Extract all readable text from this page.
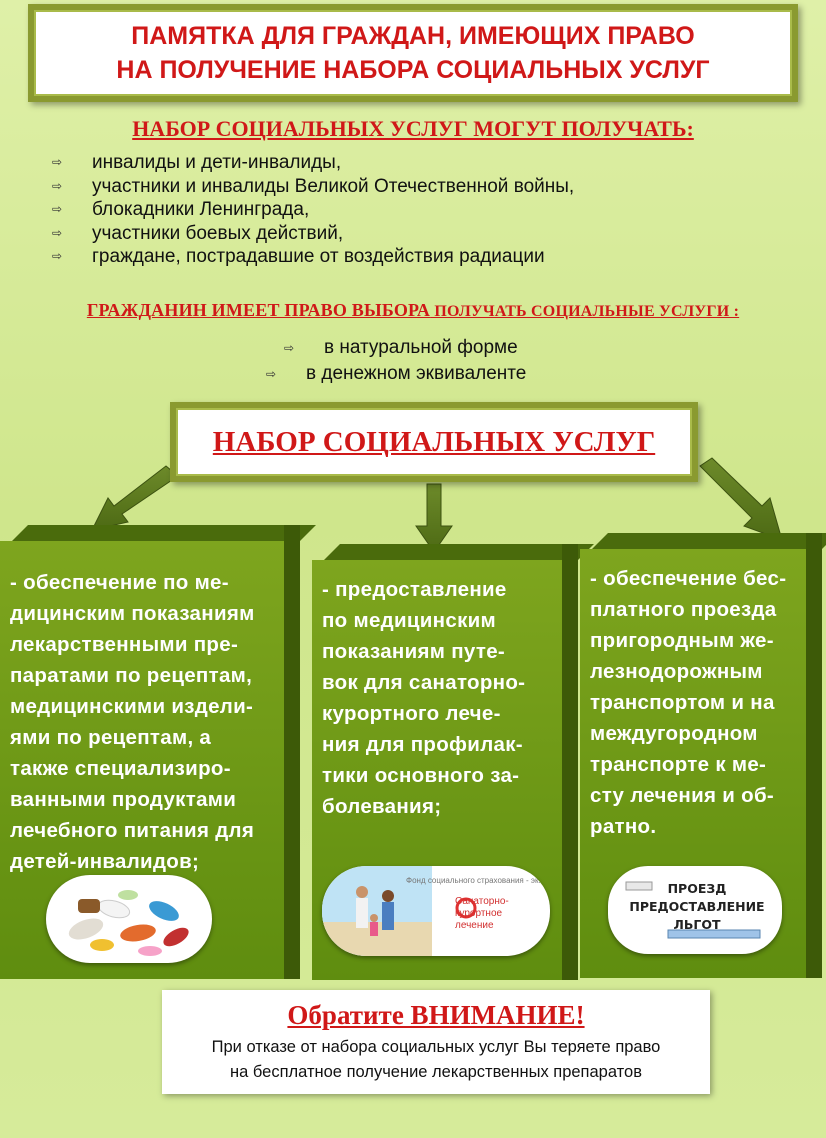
ПАМЯТКА ДЛЯ ГРАЖДАН, ИМЕЮЩИХ ПРАВО
НА ПОЛУЧЕНИЕ НАБОРА СОЦИАЛЬНЫХ УСЛУГ
НАБОР СОЦИАЛЬНЫХ УСЛУГ МОГУТ ПОЛУЧАТЬ:
⇨	инвалиды и дети-инвалиды,
⇨	участники и инвалиды Великой Отечественной войны,
⇨	блокадники Ленинграда,
⇨	участники боевых действий,
⇨	граждане, пострадавшие от воздействия радиации
ГРАЖДАНИН ИМЕЕТ ПРАВО ВЫБОРА ПОЛУЧАТЬ СОЦИАЛЬНЫЕ УСЛУГИ :
⇨	в натуральной форме
⇨	в денежном эквиваленте
НАБОР СОЦИАЛЬНЫХ УСЛУГ
- обеспечение по ме-
дицинским показаниям
лекарственными пре-
паратами по рецептам,
медицинскими издели-
ями по рецептам, а
также специализиро-
ванными продуктами
лечебного питания для
детей-инвалидов;
- предоставление
по медицинским
показаниям путе-
вок для санаторно-
курортного лече-
ния для профилак-
тики основного за-
болевания;
Фонд социального страхования - эк...
Санаторно-
курортное
лечение
- обеспечение бес-
платного проезда
пригородным же-
лезнодорожным
транспортом и на
междугородном
транспорте к ме-
сту лечения и об-
ратно.
ПРОЕЗД
ПРЕДОСТАВЛЕНИЕ
ЛЬГОТ
Обратите ВНИМАНИЕ!
При отказе от набора социальных услуг Вы теряете право
на бесплатное получение лекарственных препаратов
